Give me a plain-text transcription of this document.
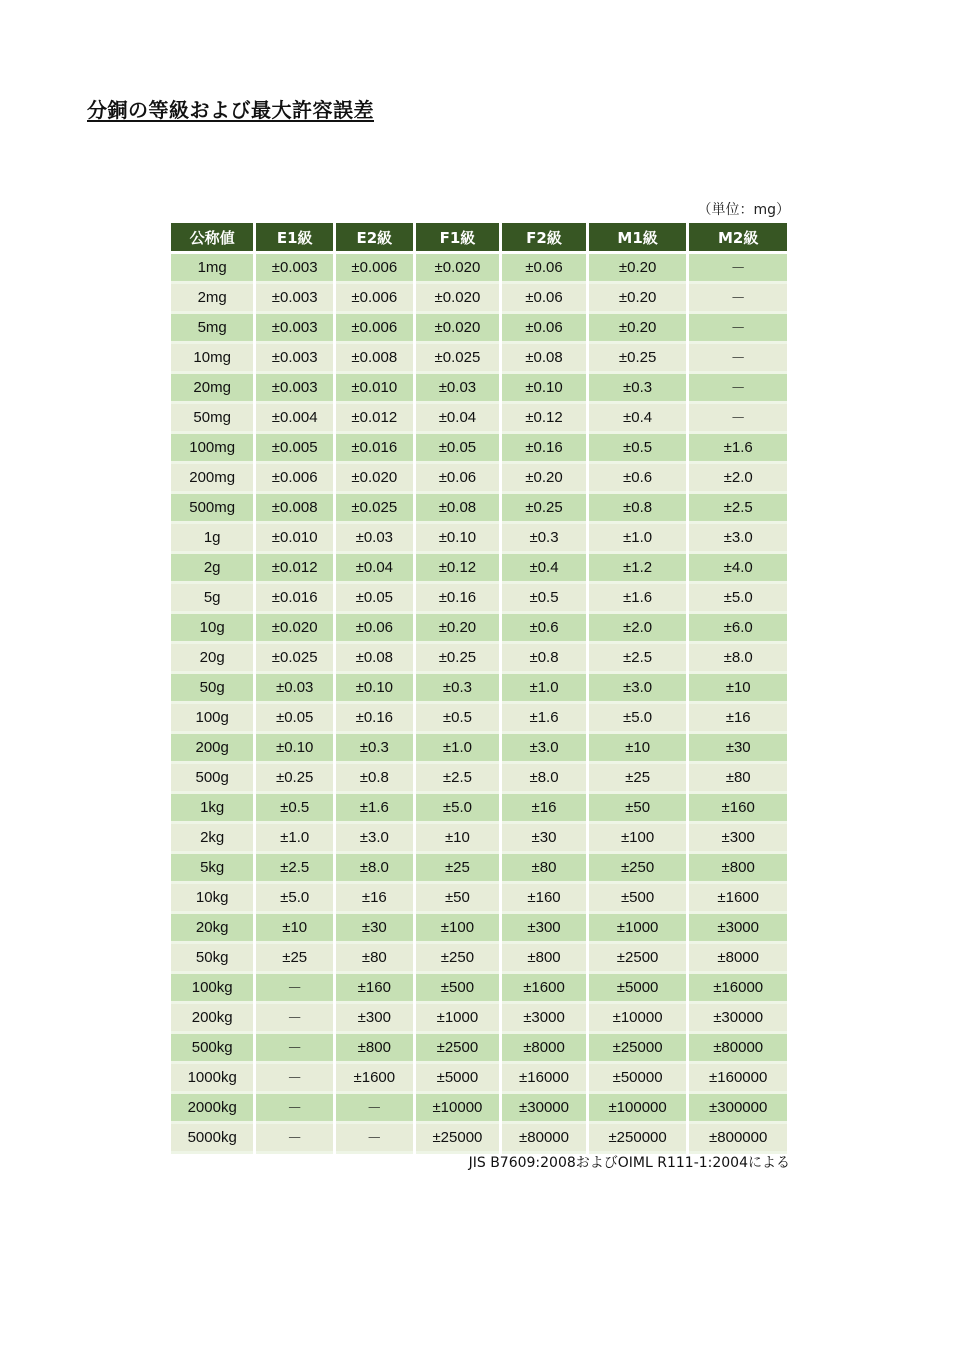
分銅の等級および最大許容誤差
（単位：mg）
公称値	E1級	E2級	F1級	F2級	M1級	M2級
1mg	±0.003	±0.006	±0.020	±0.06	±0.20	－
2mg	±0.003	±0.006	±0.020	±0.06	±0.20	－
5mg	±0.003	±0.006	±0.020	±0.06	±0.20	－
10mg	±0.003	±0.008	±0.025	±0.08	±0.25	－
20mg	±0.003	±0.010	±0.03	±0.10	±0.3	－
50mg	±0.004	±0.012	±0.04	±0.12	±0.4	－
100mg	±0.005	±0.016	±0.05	±0.16	±0.5	±1.6
200mg	±0.006	±0.020	±0.06	±0.20	±0.6	±2.0
500mg	±0.008	±0.025	±0.08	±0.25	±0.8	±2.5
1g	±0.010	±0.03	±0.10	±0.3	±1.0	±3.0
2g	±0.012	±0.04	±0.12	±0.4	±1.2	±4.0
5g	±0.016	±0.05	±0.16	±0.5	±1.6	±5.0
10g	±0.020	±0.06	±0.20	±0.6	±2.0	±6.0
20g	±0.025	±0.08	±0.25	±0.8	±2.5	±8.0
50g	±0.03	±0.10	±0.3	±1.0	±3.0	±10
100g	±0.05	±0.16	±0.5	±1.6	±5.0	±16
200g	±0.10	±0.3	±1.0	±3.0	±10	±30
500g	±0.25	±0.8	±2.5	±8.0	±25	±80
1kg	±0.5	±1.6	±5.0	±16	±50	±160
2kg	±1.0	±3.0	±10	±30	±100	±300
5kg	±2.5	±8.0	±25	±80	±250	±800
10kg	±5.0	±16	±50	±160	±500	±1600
20kg	±10	±30	±100	±300	±1000	±3000
50kg	±25	±80	±250	±800	±2500	±8000
100kg	－	±160	±500	±1600	±5000	±16000
200kg	－	±300	±1000	±3000	±10000	±30000
500kg	－	±800	±2500	±8000	±25000	±80000
1000kg	－	±1600	±5000	±16000	±50000	±160000
2000kg	－	－	±10000	±30000	±100000	±300000
5000kg	－	－	±25000	±80000	±250000	±800000
JIS B7609:2008およびOIML R111-1:2004による
